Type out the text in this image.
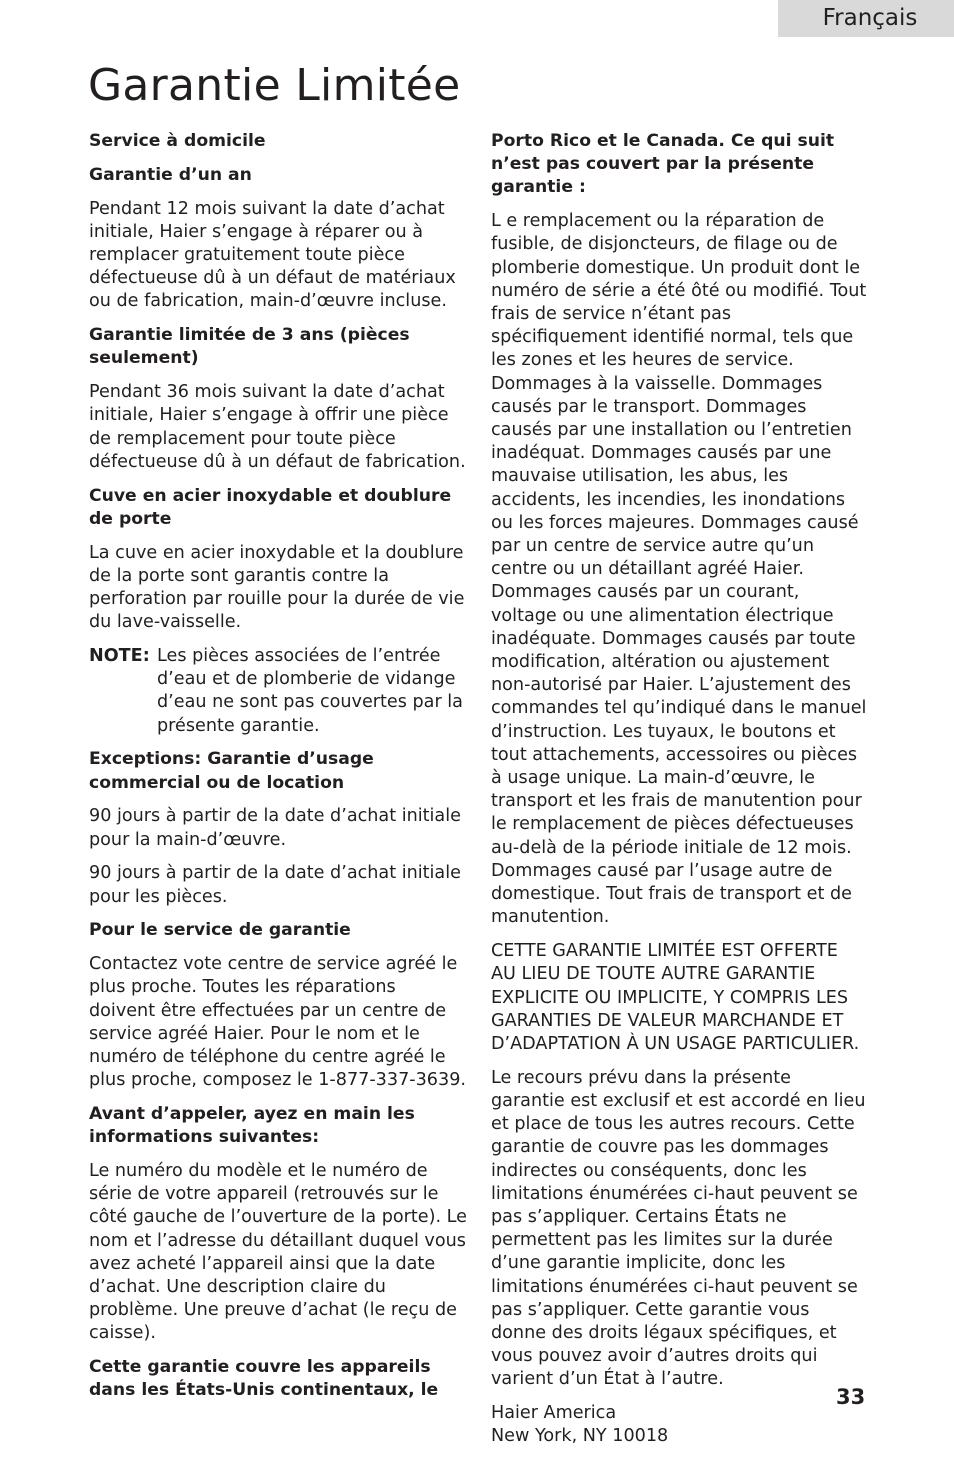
Français
Garantie Limitée
Service à domicile
Garantie d’un an

Pendant 12 mois suivant la date d’achat initiale, Haier s’engage à réparer ou à remplacer gratuitement toute pièce défectueuse dû à un défaut de matériaux ou de fabrication, main-d’œuvre incluse.

Garantie limitée de 3 ans (pièces seulement)

Pendant 36 mois suivant la date d’achat initiale, Haier s’engage à offrir une pièce de remplacement pour toute pièce défectueuse dû à un défaut de fabrication.

Cuve en acier inoxydable et doublure de porte

La cuve en acier inoxydable et la doublure de la porte sont garantis contre la perforation par rouille pour la durée de vie du lave-vaisselle.

NOTE: Les pièces associées de l’entrée d’eau et de plomberie de vidange d’eau ne sont pas couvertes par la présente garantie.
Exceptions: Garantie d’usage commercial ou de location

90 jours à partir de la date d’achat initiale pour la main-d’œuvre.

90 jours à partir de la date d’achat initiale pour les pièces.

Pour le service de garantie

Contactez vote centre de service agréé le plus proche. Toutes les réparations doivent être effectuées par un centre de service agréé Haier. Pour le nom et le numéro de téléphone du centre agréé le plus proche, composez le 1-877-337-3639.

Avant d’appeler, ayez en main les informations suivantes:

Le numéro du modèle et le numéro de série de votre appareil (retrouvés sur le côté gauche de l’ouverture de la porte). Le nom et l’adresse du détaillant duquel vous avez acheté l’appareil ainsi que la date d’achat. Une description claire du problème. Une preuve d’achat (le reçu de caisse).

Cette garantie couvre les appareils dans les États-Unis continentaux, le
Porto Rico et le Canada. Ce qui suit n’est pas couvert par la présente garantie :

L e remplacement ou la réparation de fusible, de disjoncteurs, de filage ou de plomberie domestique. Un produit dont le numéro de série a été ôté ou modifié. Tout frais de service n’étant pas spécifiquement identifié normal, tels que les zones et les heures de service. Dommages à la vaisselle. Dommages causés par le transport. Dommages causés par une installation ou l’entretien inadéquat. Dommages causés par une mauvaise utilisation, les abus, les accidents, les incendies, les inondations ou les forces majeures. Dommages causé par un centre de service autre qu’un centre ou un détaillant agréé Haier. Dommages causés par un courant, voltage ou une alimentation électrique inadéquate. Dommages causés par toute modification, altération ou ajustement non-autorisé par Haier. L’ajustement des commandes tel qu’indiqué dans le manuel d’instruction. Les tuyaux, le boutons et tout attachements, accessoires ou pièces à usage unique. La main-d’œuvre, le transport et les frais de manutention pour le remplacement de pièces défectueuses au-delà de la période initiale de 12 mois. Dommages causé par l’usage autre de domestique. Tout frais de transport et de manutention.

CETTE GARANTIE LIMITÉE EST OFFERTE AU LIEU DE TOUTE AUTRE GARANTIE EXPLICITE OU IMPLICITE, Y COMPRIS LES GARANTIES DE VALEUR MARCHANDE ET D’ADAPTATION À UN USAGE PARTICULIER.

Le recours prévu dans la présente garantie est exclusif et est accordé en lieu et place de tous les autres recours. Cette garantie de couvre pas les dommages indirectes ou conséquents, donc les limitations énumérées ci-haut peuvent se pas s’appliquer. Certains États ne permettent pas les limites sur la durée d’une garantie implicite, donc les limitations énumérées ci-haut peuvent se pas s’appliquer. Cette garantie vous donne des droits légaux spécifiques, et vous pouvez avoir d’autres droits qui varient d’un État à l’autre.

Haier America

New York, NY 10018

33
